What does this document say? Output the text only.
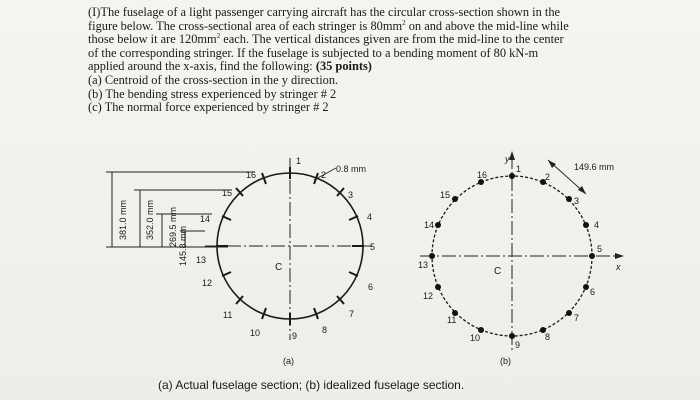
(I)The fuselage of a light passenger carrying aircraft has the circular cross-section shown in the
figure below. The cross-sectional area of each stringer is $80mm^2$ on and above the mid-line while
those below it are $120mm^2$ each. The vertical distances given are from the mid-line to the center
of the corresponding stringer. If the fuselage is subjected to a bending moment of 80 kN-m
applied around the x-axis, find the following: (35 points)
(a) Centroid of the cross-section in the y direction.
(b) The bending stress experienced by stringer # 2
(c) The normal force experienced by stringer # 2
381.0 mm 352.0 mm 269.5 mm 145.8 mm
0.8 mm
1
2
3
4
5
6
7
8
9
10
11
12
13
14
15
16
C
y
x
149.6 mm
1
2
3
4
5
6
7
8
9
10
11
12
13
14
15
16
C
(a)	(b)
(a) Actual fuselage section; (b) idealized fuselage section.
